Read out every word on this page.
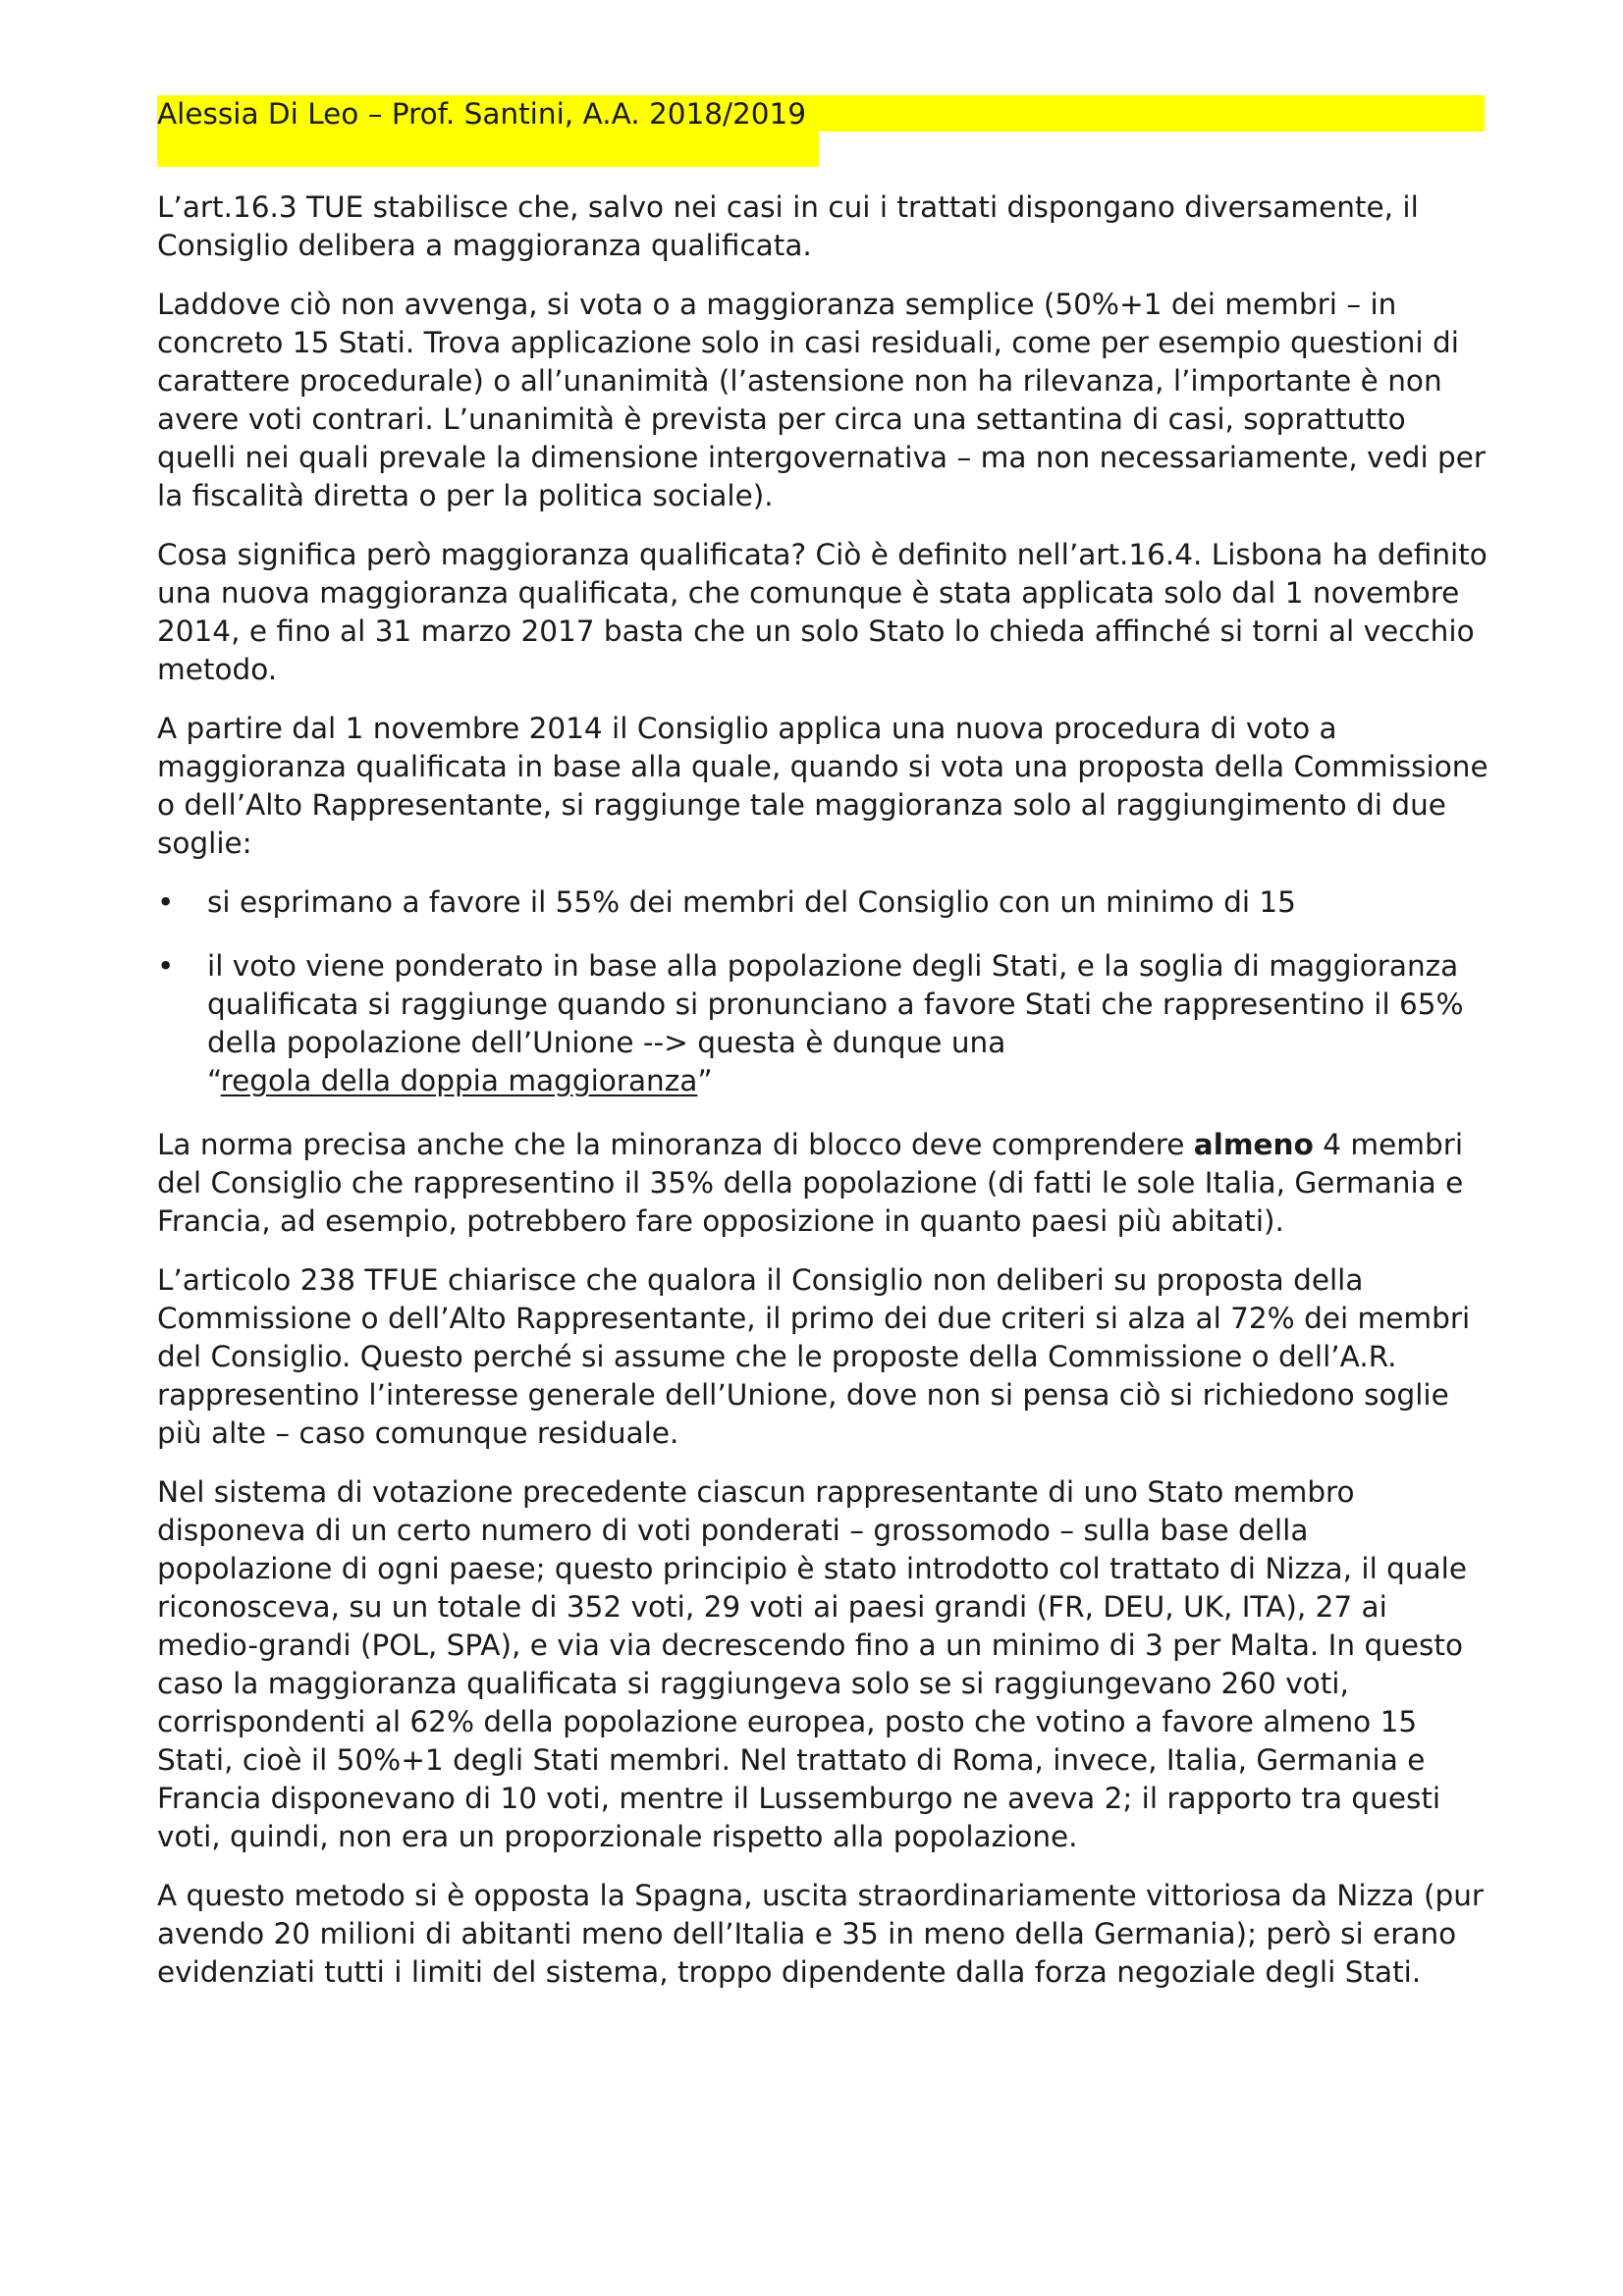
Alessia Di Leo – Prof. Santini, A.A. 2018/2019

L’art.16.3 TUE stabilisce che, salvo nei casi in cui i trattati dispongano diversamente, il Consiglio delibera a maggioranza qualificata.

Laddove ciò non avvenga, si vota o a maggioranza semplice (50%+1 dei membri – in concreto 15 Stati. Trova applicazione solo in casi residuali, come per esempio questioni di carattere procedurale) o all’unanimità (l’astensione non ha rilevanza, l’importante è non avere voti contrari. L’unanimità è prevista per circa una settantina di casi, soprattutto quelli nei quali prevale la dimensione intergovernativa – ma non necessariamente, vedi per la fiscalità diretta o per la politica sociale).

Cosa significa però maggioranza qualificata? Ciò è definito nell’art.16.4. Lisbona ha definito una nuova maggioranza qualificata, che comunque è stata applicata solo dal 1 novembre 2014, e fino al 31 marzo 2017 basta che un solo Stato lo chieda affinché si torni al vecchio metodo.

A partire dal 1 novembre 2014 il Consiglio applica una nuova procedura di voto a maggioranza qualificata in base alla quale, quando si vota una proposta della Commissione o dell’Alto Rappresentante, si raggiunge tale maggioranza solo al raggiungimento di due soglie:

• si esprimano a favore il 55% dei membri del Consiglio con un minimo di 15
• il voto viene ponderato in base alla popolazione degli Stati, e la soglia di maggioranza qualificata si raggiunge quando si pronunciano a favore Stati che rappresentino il 65% della popolazione dell’Unione --> questa è dunque una
“regola della doppia maggioranza”

La norma precisa anche che la minoranza di blocco deve comprendere almeno 4 membri del Consiglio che rappresentino il 35% della popolazione (di fatti le sole Italia, Germania e Francia, ad esempio, potrebbero fare opposizione in quanto paesi più abitati).

L’articolo 238 TFUE chiarisce che qualora il Consiglio non deliberi su proposta della Commissione o dell’Alto Rappresentante, il primo dei due criteri si alza al 72% dei membri del Consiglio. Questo perché si assume che le proposte della Commissione o dell’A.R. rappresentino l’interesse generale dell’Unione, dove non si pensa ciò si richiedono soglie più alte – caso comunque residuale.

Nel sistema di votazione precedente ciascun rappresentante di uno Stato membro disponeva di un certo numero di voti ponderati – grossomodo – sulla base della popolazione di ogni paese; questo principio è stato introdotto col trattato di Nizza, il quale riconosceva, su un totale di 352 voti, 29 voti ai paesi grandi (FR, DEU, UK, ITA), 27 ai medio-grandi (POL, SPA), e via via decrescendo fino a un minimo di 3 per Malta. In questo caso la maggioranza qualificata si raggiungeva solo se si raggiungevano 260 voti, corrispondenti al 62% della popolazione europea, posto che votino a favore almeno 15 Stati, cioè il 50%+1 degli Stati membri. Nel trattato di Roma, invece, Italia, Germania e Francia disponevano di 10 voti, mentre il Lussemburgo ne aveva 2; il rapporto tra questi voti, quindi, non era un proporzionale rispetto alla popolazione.

A questo metodo si è opposta la Spagna, uscita straordinariamente vittoriosa da Nizza (pur avendo 20 milioni di abitanti meno dell’Italia e 35 in meno della Germania); però si erano evidenziati tutti i limiti del sistema, troppo dipendente dalla forza negoziale degli Stati.
